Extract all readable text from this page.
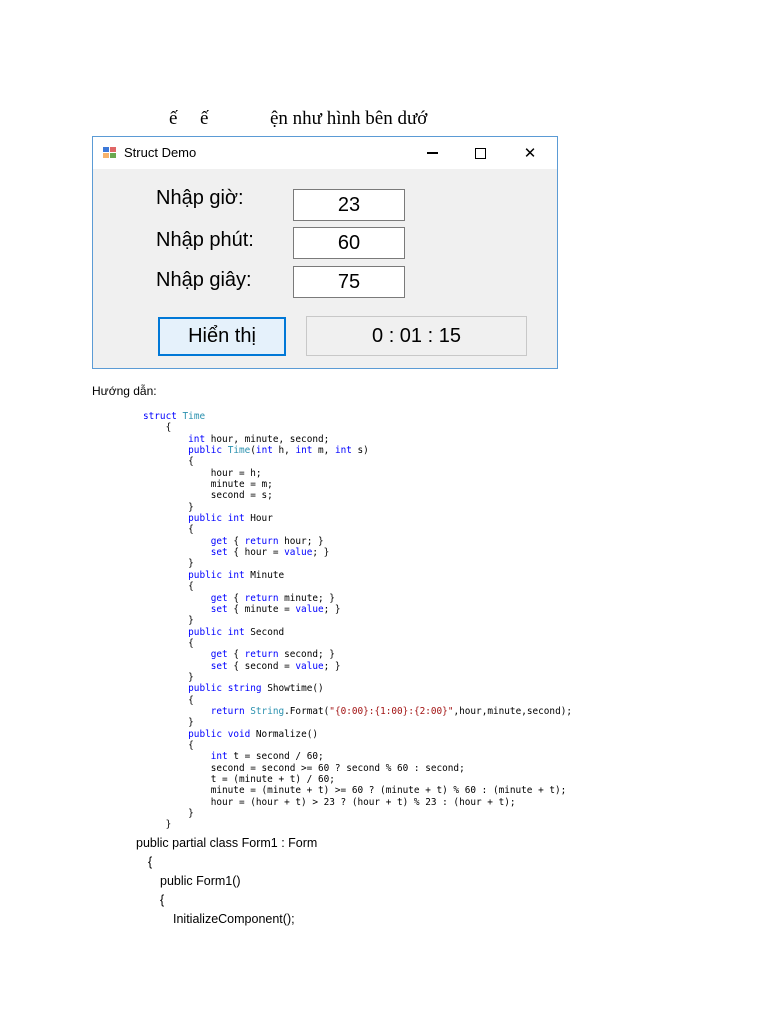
ế ế	ện như hình bên dướ
Struct Demo	✕
Nhập giờ:
23
Nhập phút:
60
Nhập giây:
75
Hiển thị	0 : 01 : 15
Hướng dẫn:
struct Time
{
int hour, minute, second;
public Time(int h, int m, int s)
{
hour = h;
minute = m;
second = s;
}
public int Hour
{
get { return hour; }
set { hour = value; }
}
public int Minute
{
get { return minute; }
set { minute = value; }
}
public int Second
{
get { return second; }
set { second = value; }
}
public string Showtime()
{
return String.Format("{0:00}:{1:00}:{2:00}",hour,minute,second);
}
public void Normalize()
{
int t = second / 60;
second = second >= 60 ? second % 60 : second;
t = (minute + t) / 60;
minute = (minute + t) >= 60 ? (minute + t) % 60 : (minute + t);
hour = (hour + t) > 23 ? (hour + t) % 23 : (hour + t);
}
}
public partial class Form1 : Form
{
public Form1()
{
InitializeComponent();
